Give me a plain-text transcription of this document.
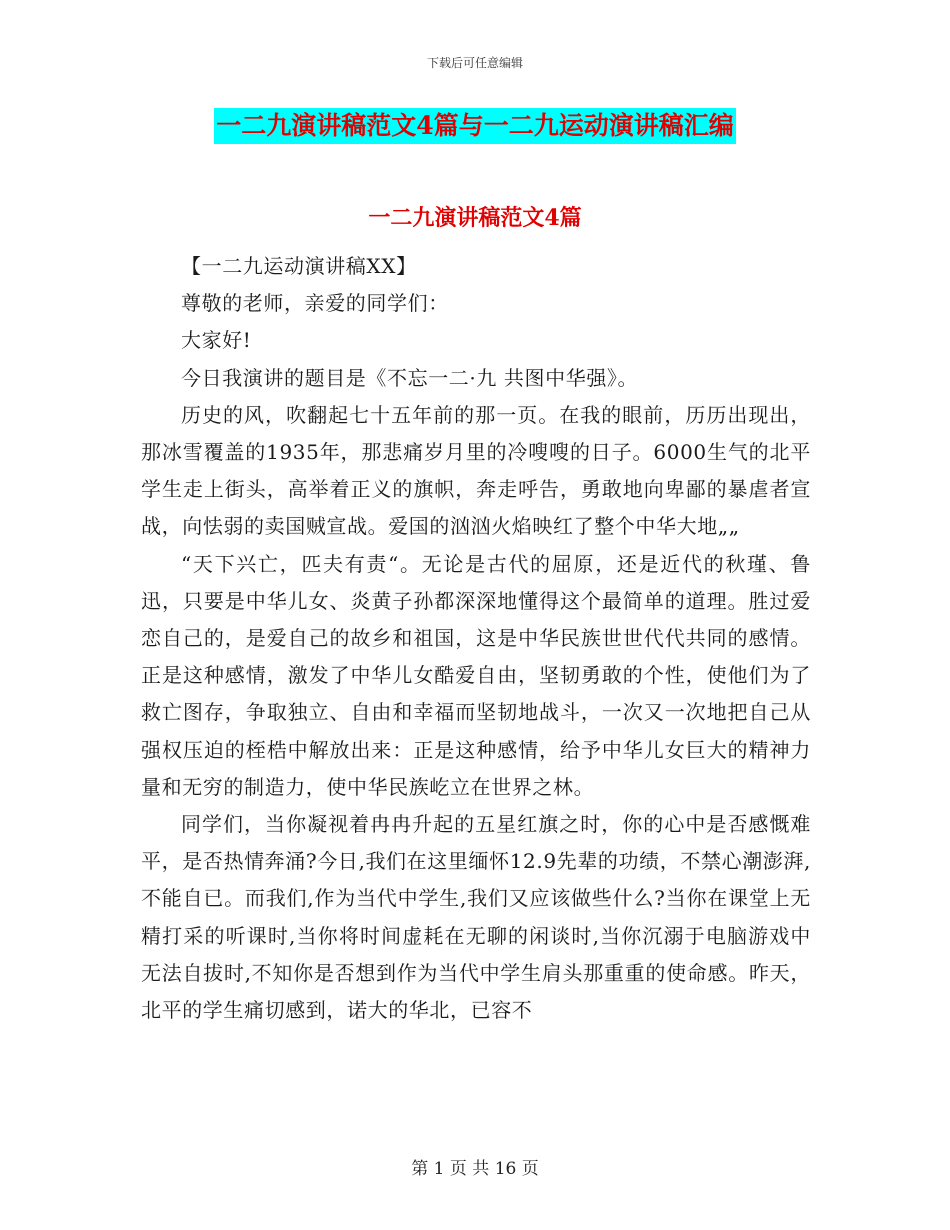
下载后可任意编辑
一二九演讲稿范文4篇与一二九运动演讲稿汇编
一二九演讲稿范文4篇

【一二九运动演讲稿XX】

尊敬的老师，亲爱的同学们：

大家好!

今日我演讲的题目是《不忘一二·九 共图中华强》。

历史的风，吹翻起七十五年前的那一页。在我的眼前，历历出现出，那冰雪覆盖的1935年，那悲痛岁月里的冷嗖嗖的日子。6000生气的北平学生走上街头，高举着正义的旗帜，奔走呼告，勇敢地向卑鄙的暴虐者宣战，向怯弱的卖国贼宣战。爱国的汹汹火焰映红了整个中华大地„„

“天下兴亡，匹夫有责“。无论是古代的屈原，还是近代的秋瑾、鲁迅，只要是中华儿女、炎黄子孙都深深地懂得这个最简单的道理。胜过爱恋自己的，是爱自己的故乡和祖国，这是中华民族世世代代共同的感情。正是这种感情，激发了中华儿女酷爱自由，坚韧勇敢的个性，使他们为了救亡图存，争取独立、自由和幸福而坚韧地战斗，一次又一次地把自己从强权压迫的桎梏中解放出来：正是这种感情，给予中华儿女巨大的精神力量和无穷的制造力，使中华民族屹立在世界之林。

同学们，当你凝视着冉冉升起的五星红旗之时，你的心中是否感慨难平，是否热情奔涌?今日,我们在这里缅怀12.9先辈的功绩，不禁心潮澎湃,不能自已。而我们,作为当代中学生,我们又应该做些什么?当你在课堂上无精打采的听课时,当你将时间虚耗在无聊的闲谈时,当你沉溺于电脑游戏中无法自拔时,不知你是否想到作为当代中学生肩头那重重的使命感。昨天，北平的学生痛切感到，诺大的华北，已容不

第 1 页 共 16 页
